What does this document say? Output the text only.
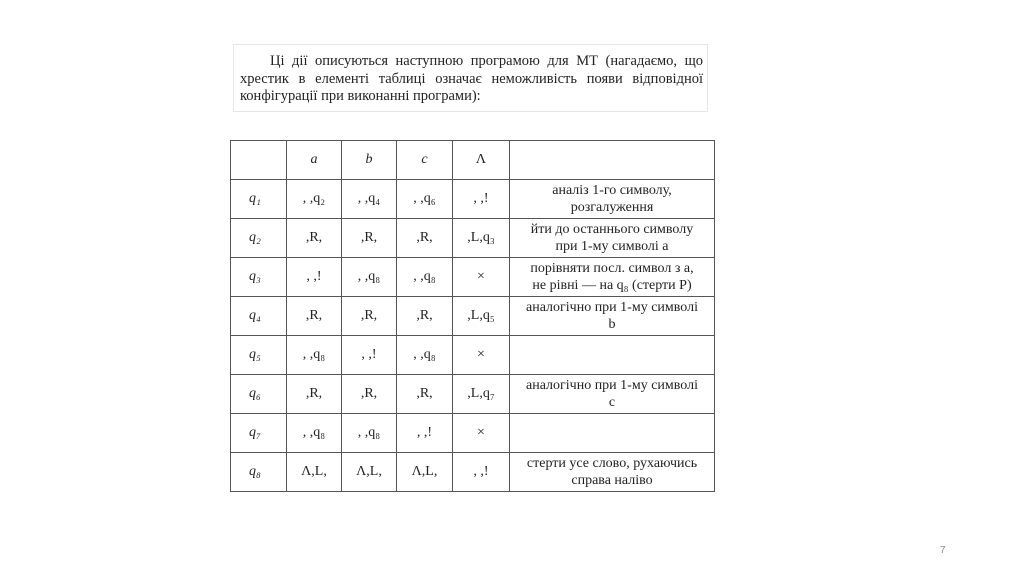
Ці дії описуються наступною програмою для МТ (нагадаємо, що
хрестик в елементі таблиці означає неможливість появи відповідної
конфігурації при виконанні програми):
	a	b	c	Λ	
q₁	, ,q₂	, ,q₄	, ,q₆	, ,!	аналіз 1-го символу,
розгалуження

q₂	,R,	,R,	,R,	,L,q₃	йти до останнього символу
при 1-му символі a

q₃	, ,!	, ,q₈	, ,q₈	×	порівняти посл. символ з a,
не рівні — на q₈ (стерти P)

q₄	,R,	,R,	,R,	,L,q₅	аналогічно при 1-му символі
b

q₅	, ,q₈	, ,!	, ,q₈	×	

q₆	,R,	,R,	,R,	,L,q₇	аналогічно при 1-му символі
c

q₇	, ,q₈	, ,q₈	, ,!	×	

q₈	Λ,L,	Λ,L,	Λ,L,	, ,!	стерти усе слово, рухаючись
справа наліво
7
